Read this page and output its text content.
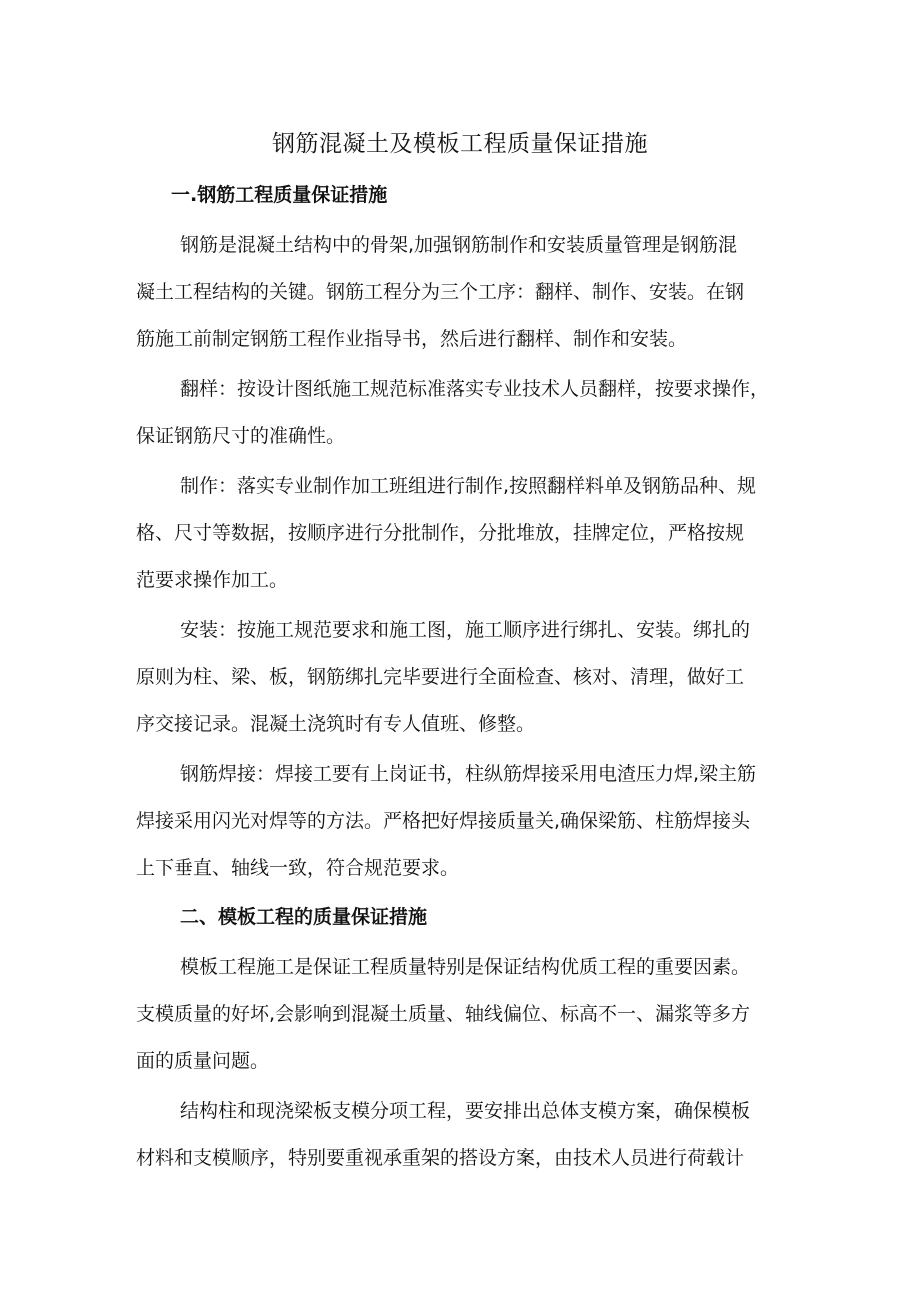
钢筋混凝土及模板工程质量保证措施
一.钢筋工程质量保证措施
钢筋是混凝土结构中的骨架,加强钢筋制作和安装质量管理是钢筋混
凝土工程结构的关键。钢筋工程分为三个工序：翻样、制作、安装。在钢
筋施工前制定钢筋工程作业指导书，然后进行翻样、制作和安装。
翻样：按设计图纸施工规范标准落实专业技术人员翻样，按要求操作，
保证钢筋尺寸的准确性。
制作：落实专业制作加工班组进行制作,按照翻样料单及钢筋品种、规
格、尺寸等数据，按顺序进行分批制作，分批堆放，挂牌定位，严格按规
范要求操作加工。
安装：按施工规范要求和施工图，施工顺序进行绑扎、安装。绑扎的
原则为柱、梁、板，钢筋绑扎完毕要进行全面检查、核对、清理，做好工
序交接记录。混凝土浇筑时有专人值班、修整。
钢筋焊接：焊接工要有上岗证书，柱纵筋焊接采用电渣压力焊,梁主筋
焊接采用闪光对焊等的方法。严格把好焊接质量关,确保梁筋、柱筋焊接头
上下垂直、轴线一致，符合规范要求。
二、模板工程的质量保证措施
模板工程施工是保证工程质量特别是保证结构优质工程的重要因素。
支模质量的好坏,会影响到混凝土质量、轴线偏位、标高不一、漏浆等多方
面的质量问题。
结构柱和现浇梁板支模分项工程，要安排出总体支模方案，确保模板
材料和支模顺序，特别要重视承重架的搭设方案，由技术人员进行荷载计
